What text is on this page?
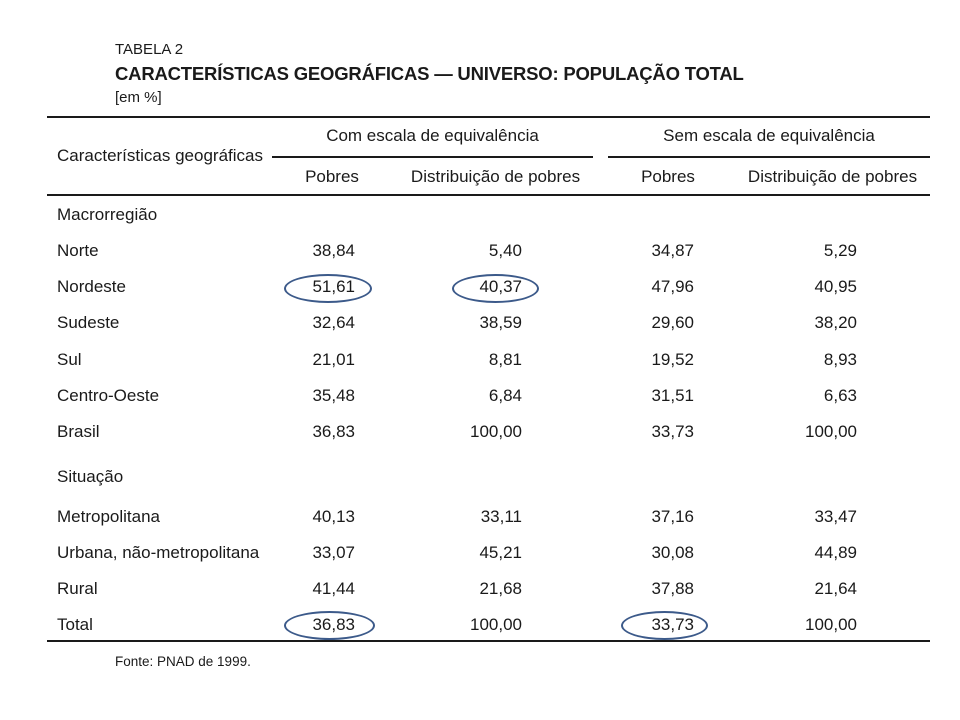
TABELA 2
CARACTERÍSTICAS GEOGRÁFICAS — UNIVERSO: POPULAÇÃO TOTAL
[em %]
Características geográficas
Com escala de equivalência	Sem escala de equivalência
Pobres	Distribuição de pobres	Pobres	Distribuição de pobres
Macrorregião
Norte	38,84	5,40	34,87	5,29
Nordeste	51,61	40,37	47,96	40,95
Sudeste	32,64	38,59	29,60	38,20
Sul	21,01	8,81	19,52	8,93
Centro-Oeste	35,48	6,84	31,51	6,63
Brasil	36,83	100,00	33,73	100,00
Situação
Metropolitana	40,13	33,11	37,16	33,47
Urbana, não-metropolitana	33,07	45,21	30,08	44,89
Rural	41,44	21,68	37,88	21,64
Total	36,83	100,00	33,73	100,00
Fonte: PNAD de 1999.
